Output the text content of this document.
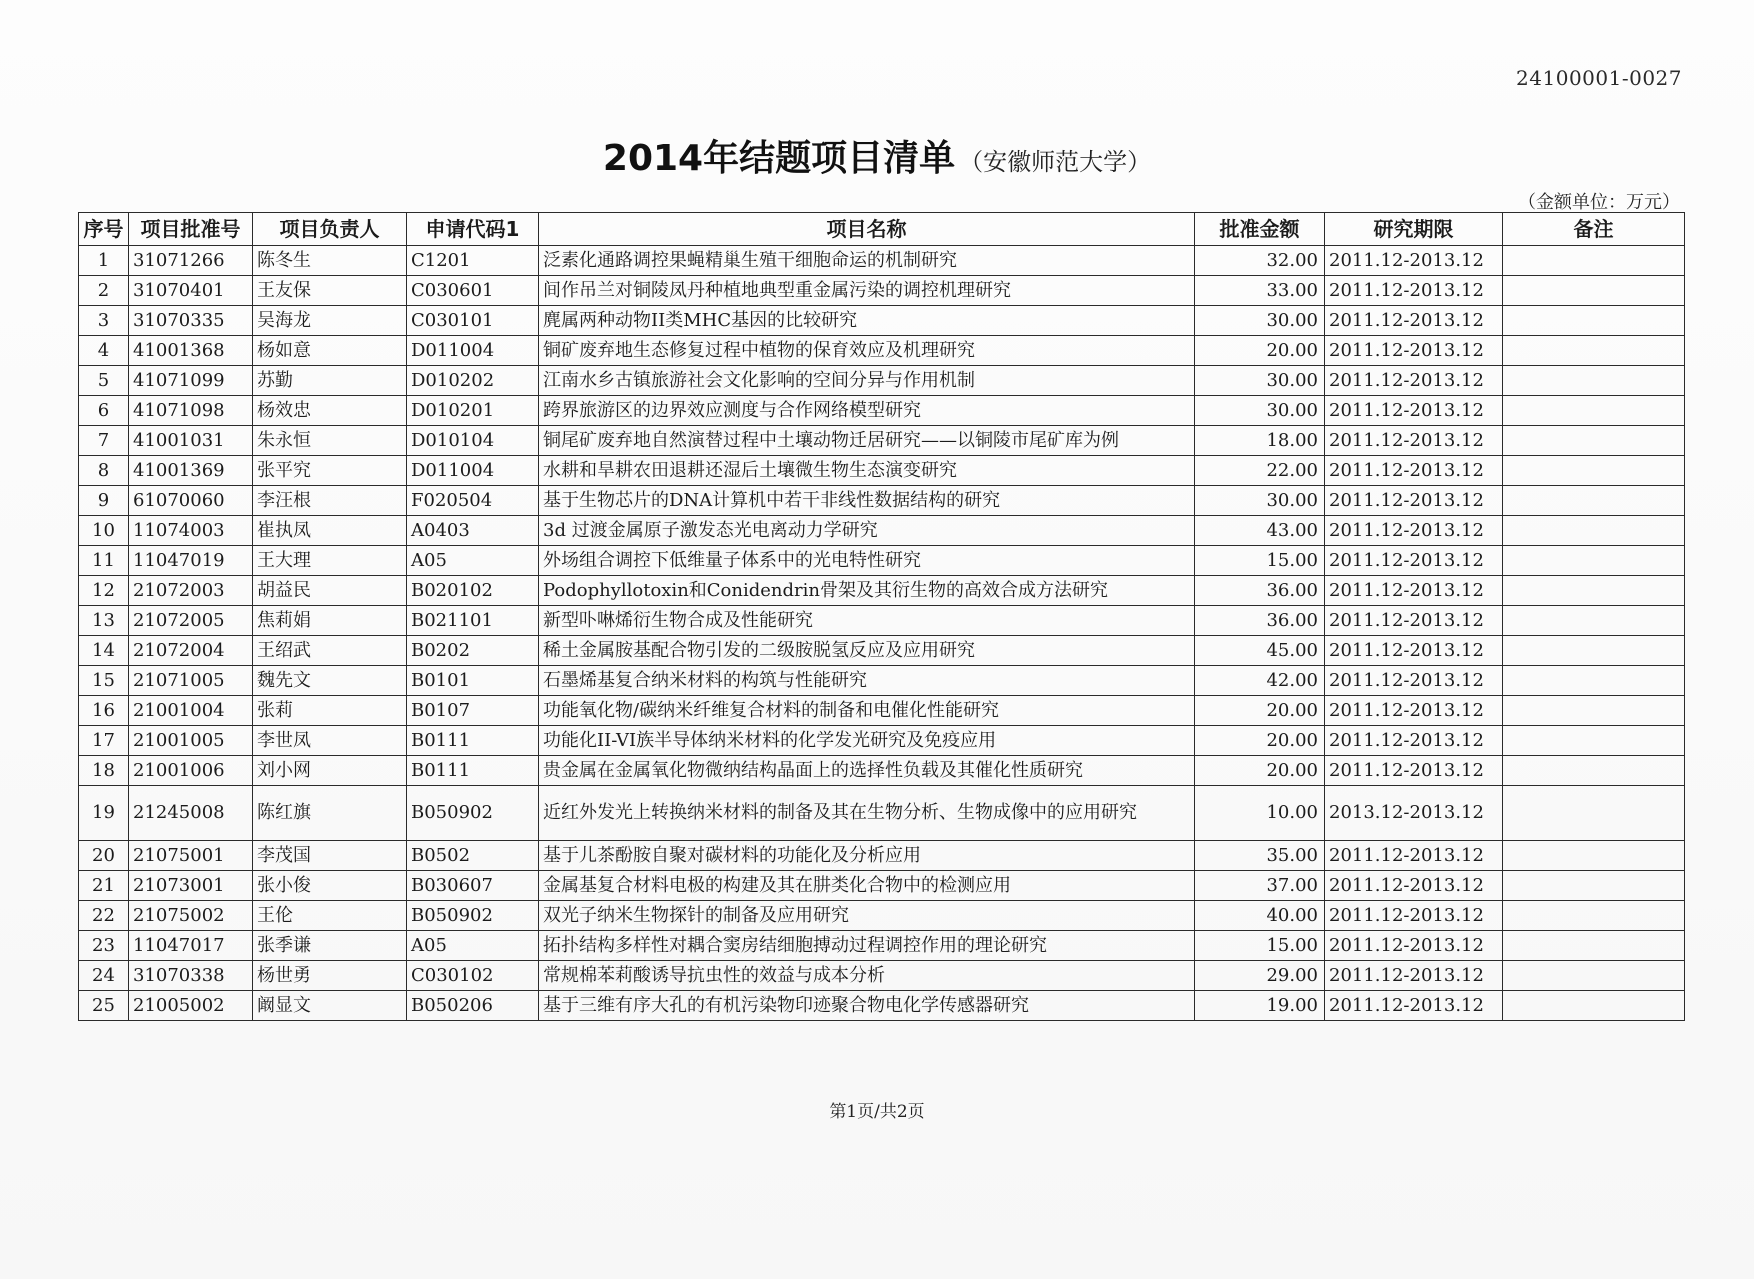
24100001-0027
2014年结题项目清单 （安徽师范大学）
（金额单位：万元）
序号	项目批准号	项目负责人	申请代码1	项目名称	批准金额	研究期限	备注
1	31071266	陈冬生	C1201	泛素化通路调控果蝇精巢生殖干细胞命运的机制研究	32.00	2011.12-2013.12	
2	31070401	王友保	C030601	间作吊兰对铜陵凤丹种植地典型重金属污染的调控机理研究	33.00	2011.12-2013.12	
3	31070335	吴海龙	C030101	麂属两种动物II类MHC基因的比较研究	30.00	2011.12-2013.12	
4	41001368	杨如意	D011004	铜矿废弃地生态修复过程中植物的保育效应及机理研究	20.00	2011.12-2013.12	
5	41071099	苏勤	D010202	江南水乡古镇旅游社会文化影响的空间分异与作用机制	30.00	2011.12-2013.12	
6	41071098	杨效忠	D010201	跨界旅游区的边界效应测度与合作网络模型研究	30.00	2011.12-2013.12	
7	41001031	朱永恒	D010104	铜尾矿废弃地自然演替过程中土壤动物迁居研究——以铜陵市尾矿库为例	18.00	2011.12-2013.12	
8	41001369	张平究	D011004	水耕和旱耕农田退耕还湿后土壤微生物生态演变研究	22.00	2011.12-2013.12	
9	61070060	李汪根	F020504	基于生物芯片的DNA计算机中若干非线性数据结构的研究	30.00	2011.12-2013.12	
10	11074003	崔执凤	A0403	3d 过渡金属原子激发态光电离动力学研究	43.00	2011.12-2013.12	
11	11047019	王大理	A05	外场组合调控下低维量子体系中的光电特性研究	15.00	2011.12-2013.12	
12	21072003	胡益民	B020102	Podophyllotoxin和Conidendrin骨架及其衍生物的高效合成方法研究	36.00	2011.12-2013.12	
13	21072005	焦莉娟	B021101	新型卟啉烯衍生物合成及性能研究	36.00	2011.12-2013.12	
14	21072004	王绍武	B0202	稀土金属胺基配合物引发的二级胺脱氢反应及应用研究	45.00	2011.12-2013.12	
15	21071005	魏先文	B0101	石墨烯基复合纳米材料的构筑与性能研究	42.00	2011.12-2013.12	
16	21001004	张莉	B0107	功能氧化物/碳纳米纤维复合材料的制备和电催化性能研究	20.00	2011.12-2013.12	
17	21001005	李世凤	B0111	功能化II-VI族半导体纳米材料的化学发光研究及免疫应用	20.00	2011.12-2013.12	
18	21001006	刘小网	B0111	贵金属在金属氧化物微纳结构晶面上的选择性负载及其催化性质研究	20.00	2011.12-2013.12	
19	21245008	陈红旗	B050902	近红外发光上转换纳米材料的制备及其在生物分析、生物成像中的应用研究	10.00	2013.12-2013.12	
20	21075001	李茂国	B0502	基于儿茶酚胺自聚对碳材料的功能化及分析应用	35.00	2011.12-2013.12	
21	21073001	张小俊	B030607	金属基复合材料电极的构建及其在肼类化合物中的检测应用	37.00	2011.12-2013.12	
22	21075002	王伦	B050902	双光子纳米生物探针的制备及应用研究	40.00	2011.12-2013.12	
23	11047017	张季谦	A05	拓扑结构多样性对耦合窦房结细胞搏动过程调控作用的理论研究	15.00	2011.12-2013.12	
24	31070338	杨世勇	C030102	常规棉苯莉酸诱导抗虫性的效益与成本分析	29.00	2011.12-2013.12	
25	21005002	阚显文	B050206	基于三维有序大孔的有机污染物印迹聚合物电化学传感器研究	19.00	2011.12-2013.12	
第1页/共2页
